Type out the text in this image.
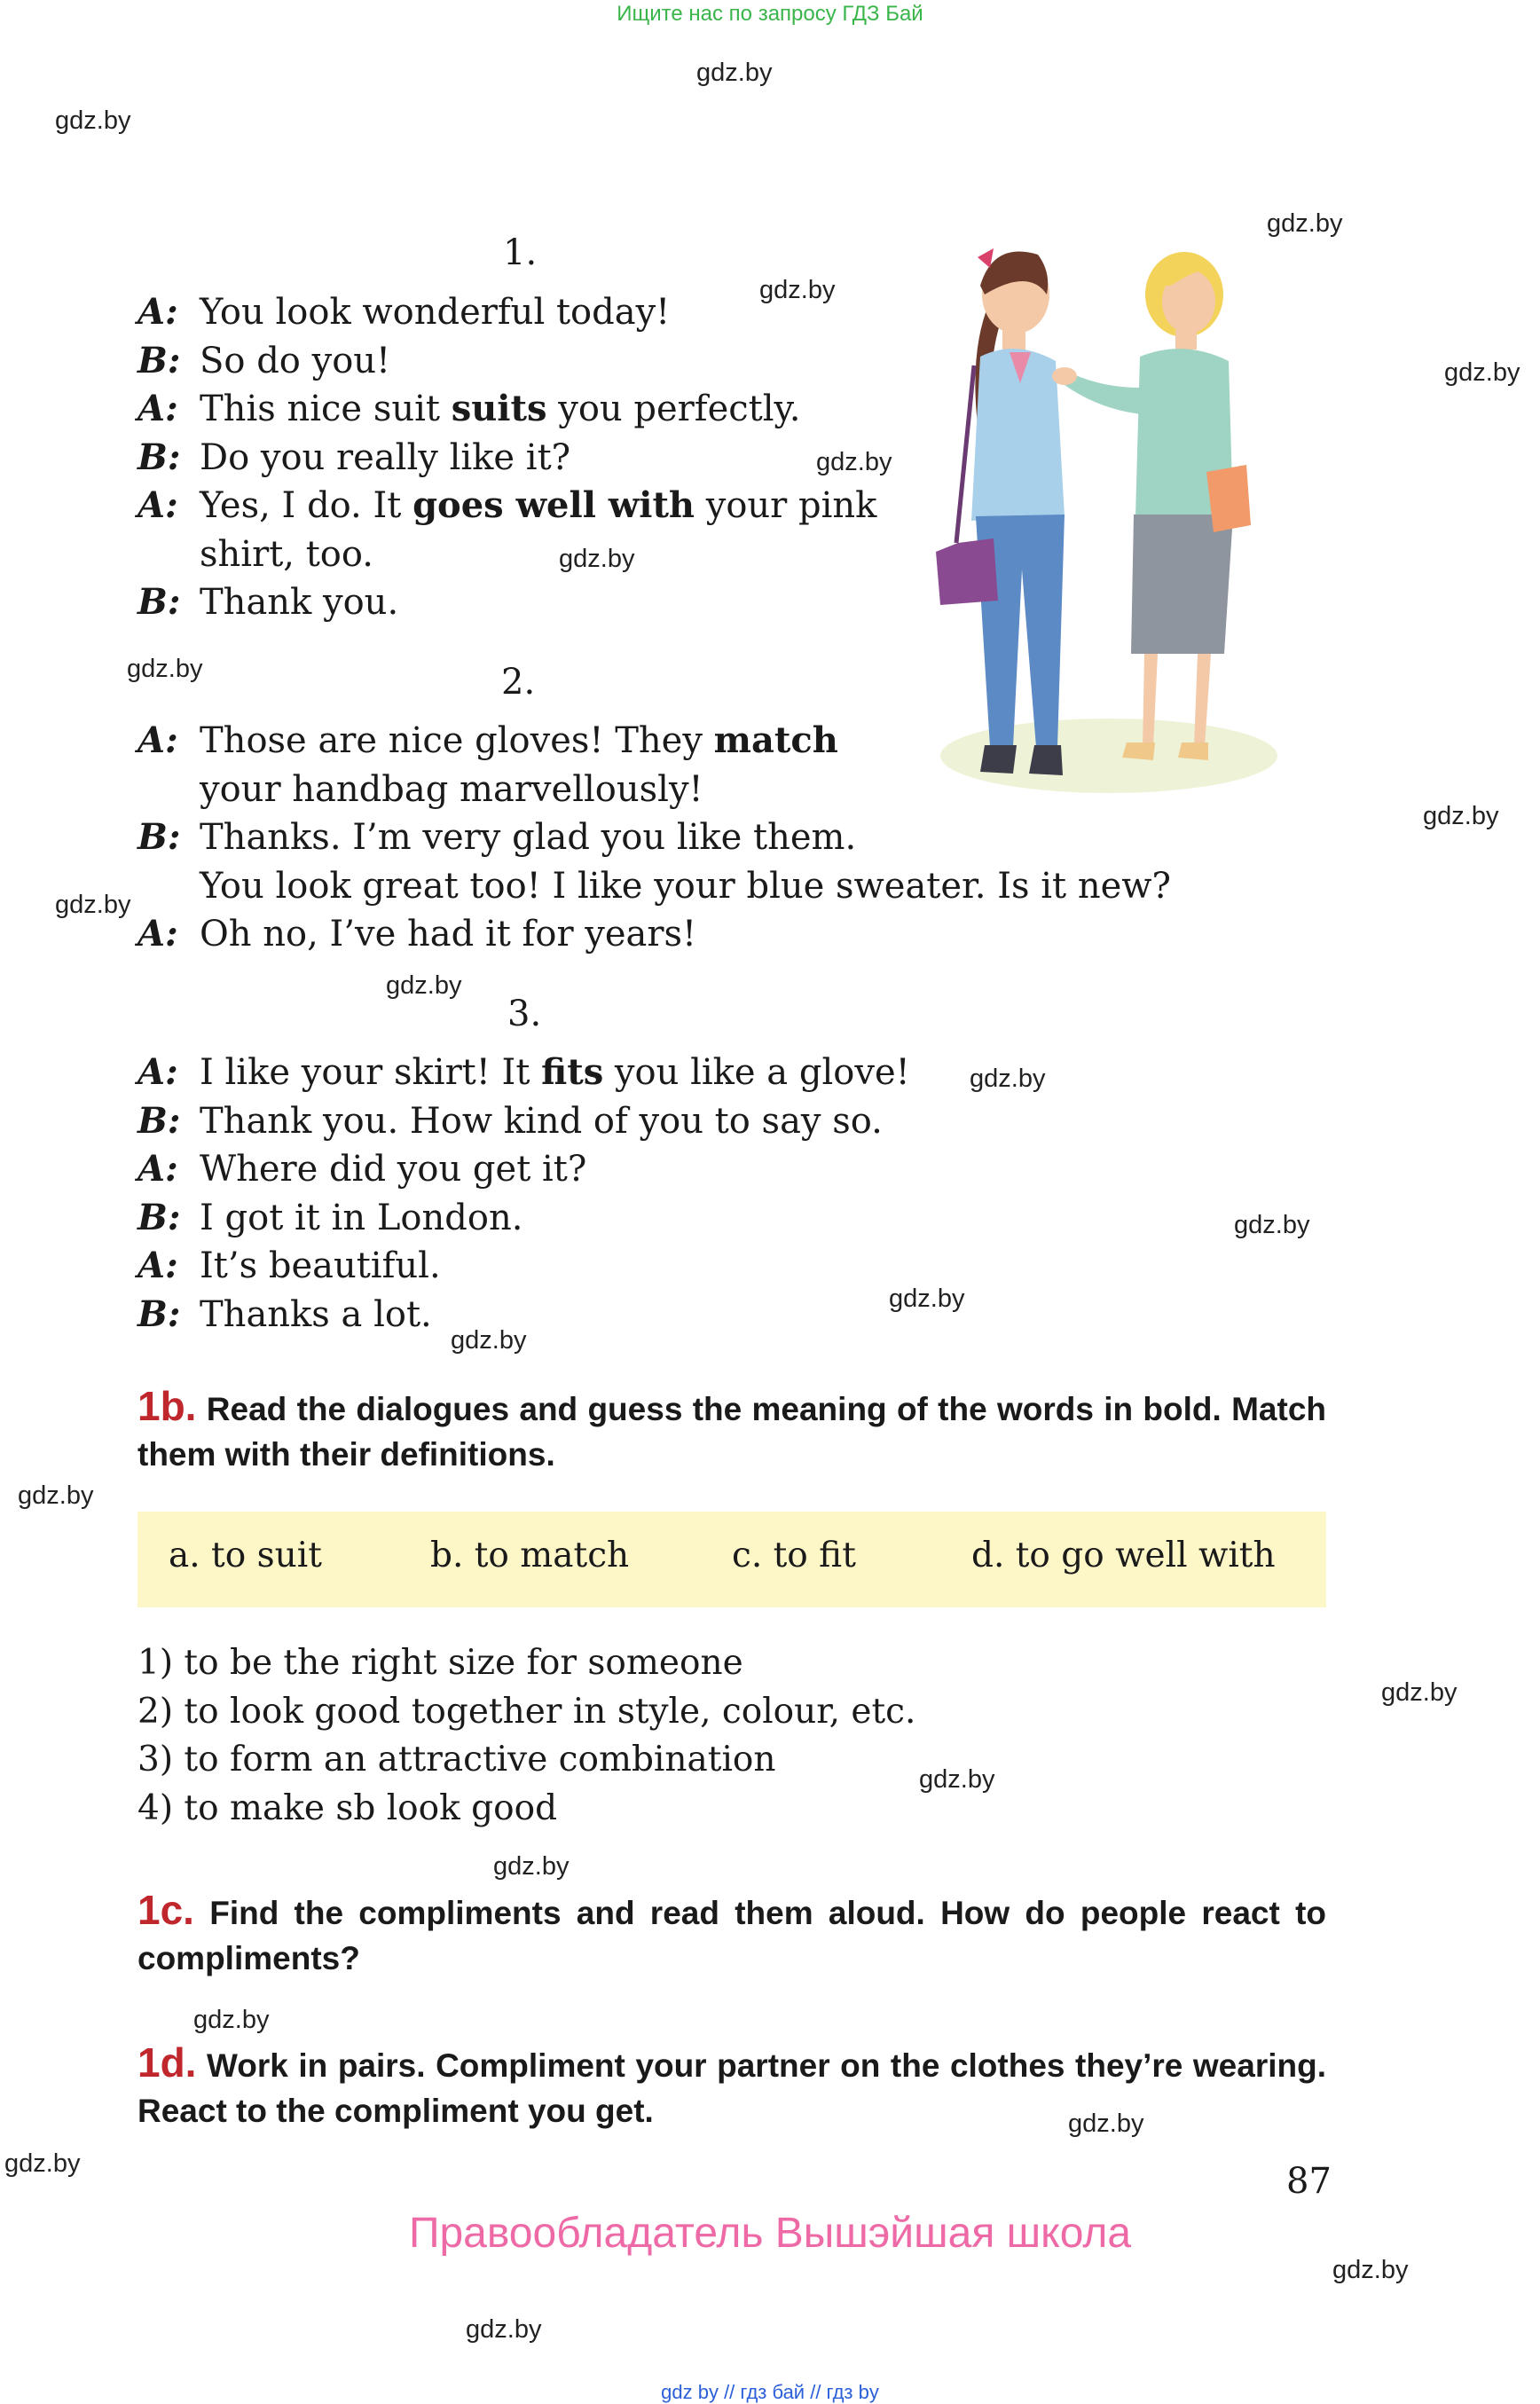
Ищите нас по запросу ГДЗ Бай
gdz.by
gdz.by
gdz.by
gdz.by
gdz.by
gdz.by
gdz.by
gdz.by
gdz.by
gdz.by
gdz.by
gdz.by
gdz.by
gdz.by
gdz.by
gdz.by
gdz.by
gdz.by
gdz.by
gdz.by
gdz.by
gdz.by
gdz.by
gdz.by
1.
A: You look wonderful today!
B: So do you!
A: This nice suit suits you perfectly.
B: Do you really like it?
A: Yes, I do. It goes well with your pink
shirt, too.
B: Thank you.
2.
A: Those are nice gloves! They match
your handbag marvellously!
B: Thanks. I’m very glad you like them.
You look great too! I like your blue sweater. Is it new?
A: Oh no, I’ve had it for years!
3.
A: I like your skirt! It fits you like a glove!
B: Thank you. How kind of you to say so.
A: Where did you get it?
B: I got it in London.
A: It’s beautiful.
B: Thanks a lot.
1b. Read the dialogues and guess the meaning of the words in bold. Match them with their definitions.
a. to suit	b. to match	c. to fit	d. to go well with
1) to be the right size for someone
2) to look good together in style, colour, etc.
3) to form an attractive combination
4) to make sb look good
1c. Find the compliments and read them aloud. How do people react to compliments?
1d. Work in pairs. Compliment your partner on the clothes they’re wearing. React to the compliment you get.
87
Правообладатель Вышэйшая школа
gdz by // гдз бай // гдз by
